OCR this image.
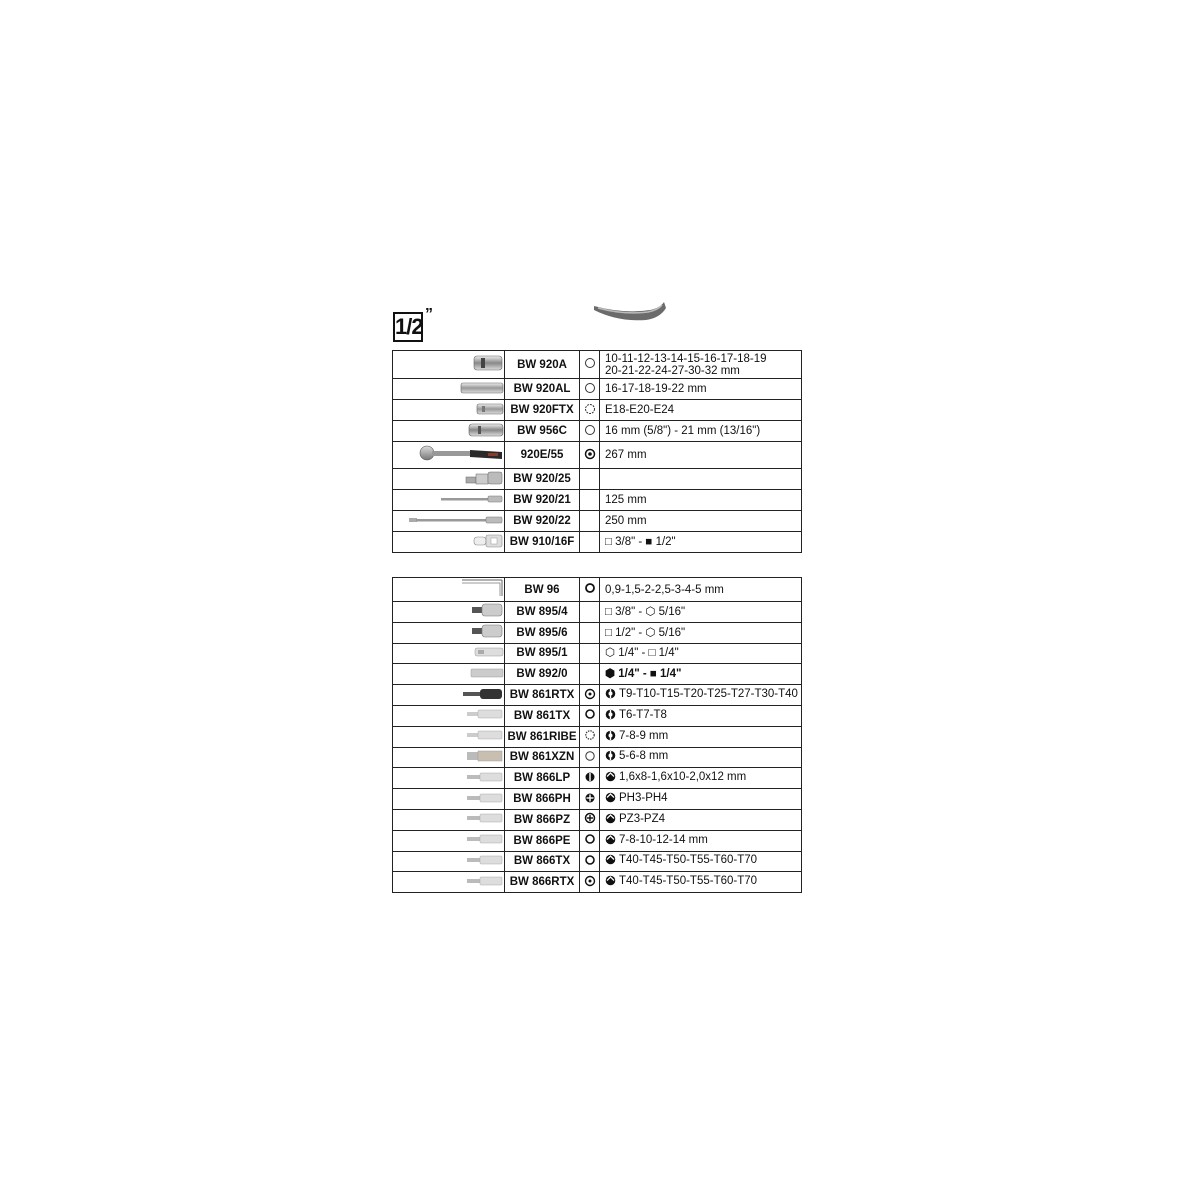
1/2 ”
	BW 920A		10-11-12-13-14-15-16-17-18-19
20-21-22-24-27-30-32 mm

	BW 920AL		16-17-18-19-22 mm

	BW 920FTX		E18-E20-E24

	BW 956C		16 mm (5/8") - 21 mm (13/16")

	920E/55		267 mm

	BW 920/25		

	BW 920/21		125 mm

	BW 920/22		250 mm

	BW 910/16F		□ 3/8" - ■ 1/2"
	BW 96		0,9-1,5-2-2,5-3-4-5 mm

	BW 895/4		□ 3/8" - ⬡ 5/16"

	BW 895/6		□ 1/2" - ⬡ 5/16"

	BW 895/1		⬡ 1/4" - □ 1/4"

	BW 892/0		⬢ 1/4" - ■ 1/4"

	BW 861RTX		T9-T10-T15-T20-T25-T27-T30-T40

	BW 861TX		T6-T7-T8

	BW 861RIBE		7-8-9 mm

	BW 861XZN		5-6-8 mm

	BW 866LP		1,6x8-1,6x10-2,0x12 mm

	BW 866PH		PH3-PH4

	BW 866PZ		PZ3-PZ4

	BW 866PE		7-8-10-12-14 mm

	BW 866TX		T40-T45-T50-T55-T60-T70

	BW 866RTX		T40-T45-T50-T55-T60-T70
